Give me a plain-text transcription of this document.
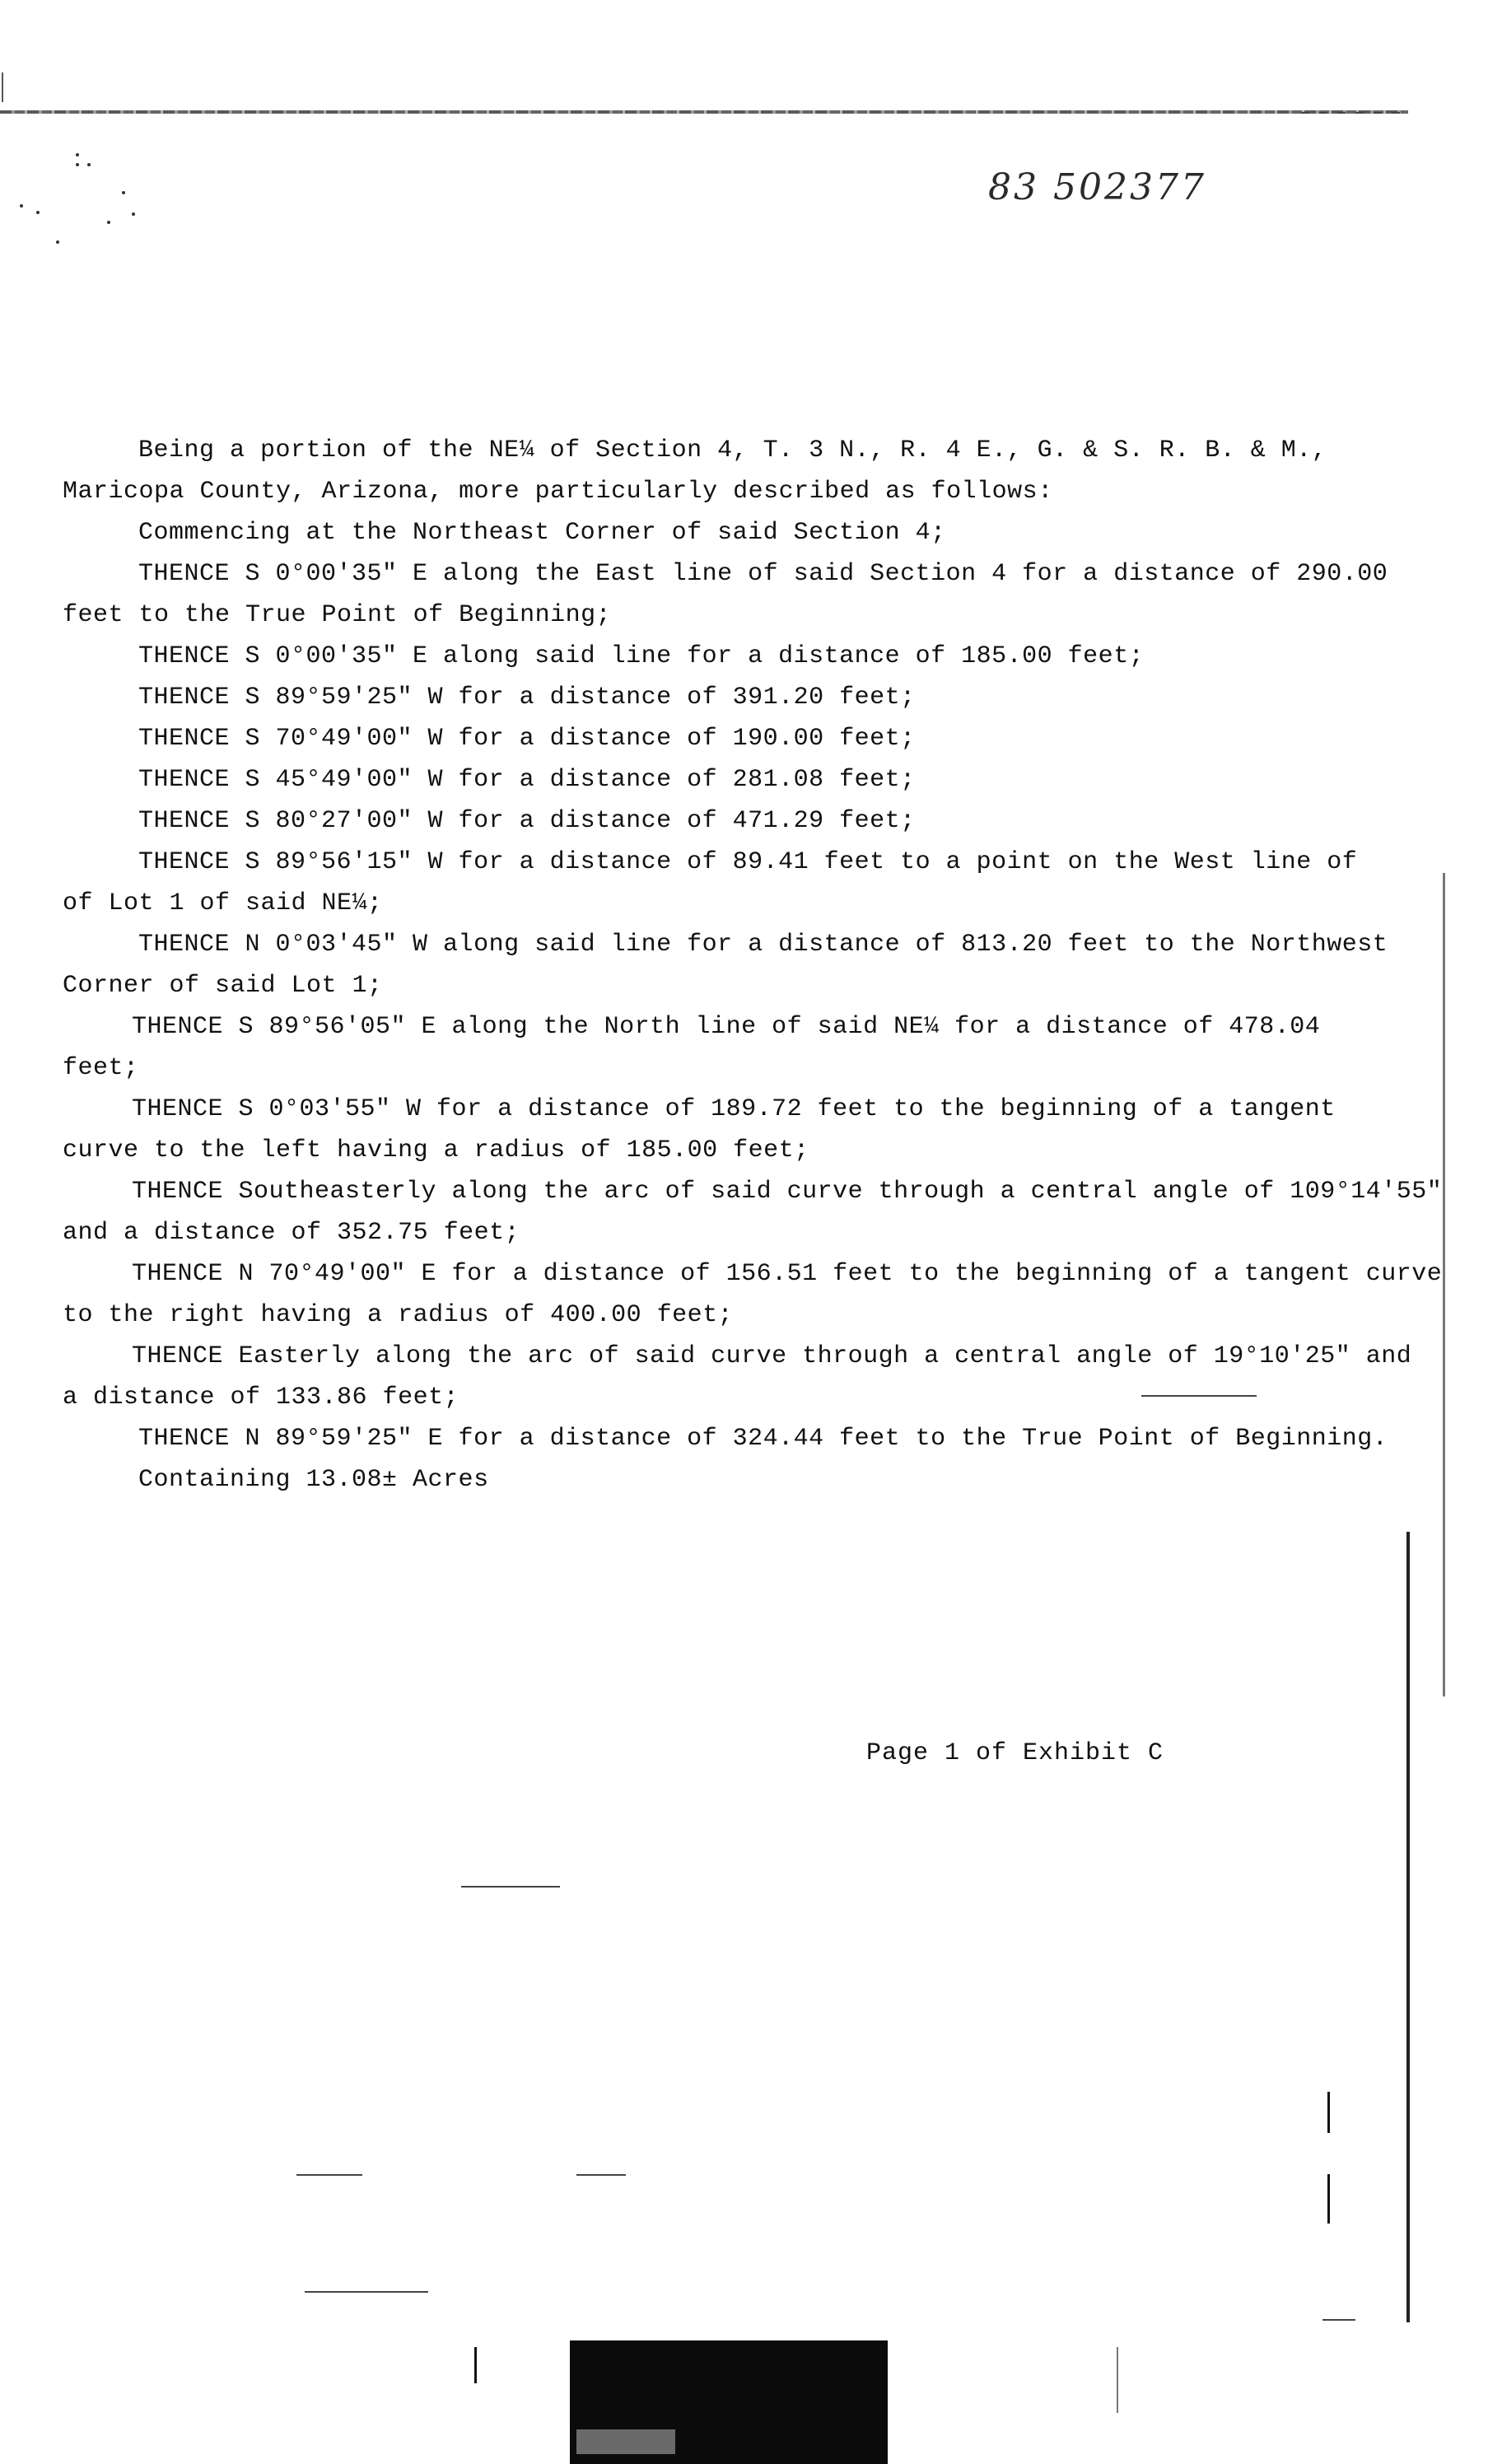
83 502377
Being a portion of the NE¼ of Section 4, T. 3 N., R. 4 E., G. & S. R. B. & M.,
Maricopa County, Arizona, more particularly described as follows:
Commencing at the Northeast Corner of said Section 4;
THENCE S 0°00'35" E along the East line of said Section 4 for a distance of 290.00
feet to the True Point of Beginning;
THENCE S 0°00'35" E along said line for a distance of 185.00 feet;
THENCE S 89°59'25" W for a distance of 391.20 feet;
THENCE S 70°49'00" W for a distance of 190.00 feet;
THENCE S 45°49'00" W for a distance of 281.08 feet;
THENCE S 80°27'00" W for a distance of 471.29 feet;
THENCE S 89°56'15" W for a distance of 89.41 feet to a point on the West line of
of Lot 1 of said NE¼;
THENCE N 0°03'45" W along said line for a distance of 813.20 feet to the Northwest
Corner of said Lot 1;
THENCE S 89°56'05" E along the North line of said NE¼ for a distance of 478.04
feet;
THENCE S 0°03'55" W for a distance of 189.72 feet to the beginning of a tangent
curve to the left having a radius of 185.00 feet;
THENCE Southeasterly along the arc of said curve through a central angle of 109°14'55"
and a distance of 352.75 feet;
THENCE N 70°49'00" E for a distance of 156.51 feet to the beginning of a tangent curve
to the right having a radius of 400.00 feet;
THENCE Easterly along the arc of said curve through a central angle of 19°10'25" and
a distance of 133.86 feet;
THENCE N 89°59'25" E for a distance of 324.44 feet to the True Point of Beginning.
Containing 13.08± Acres
Page 1 of Exhibit C
